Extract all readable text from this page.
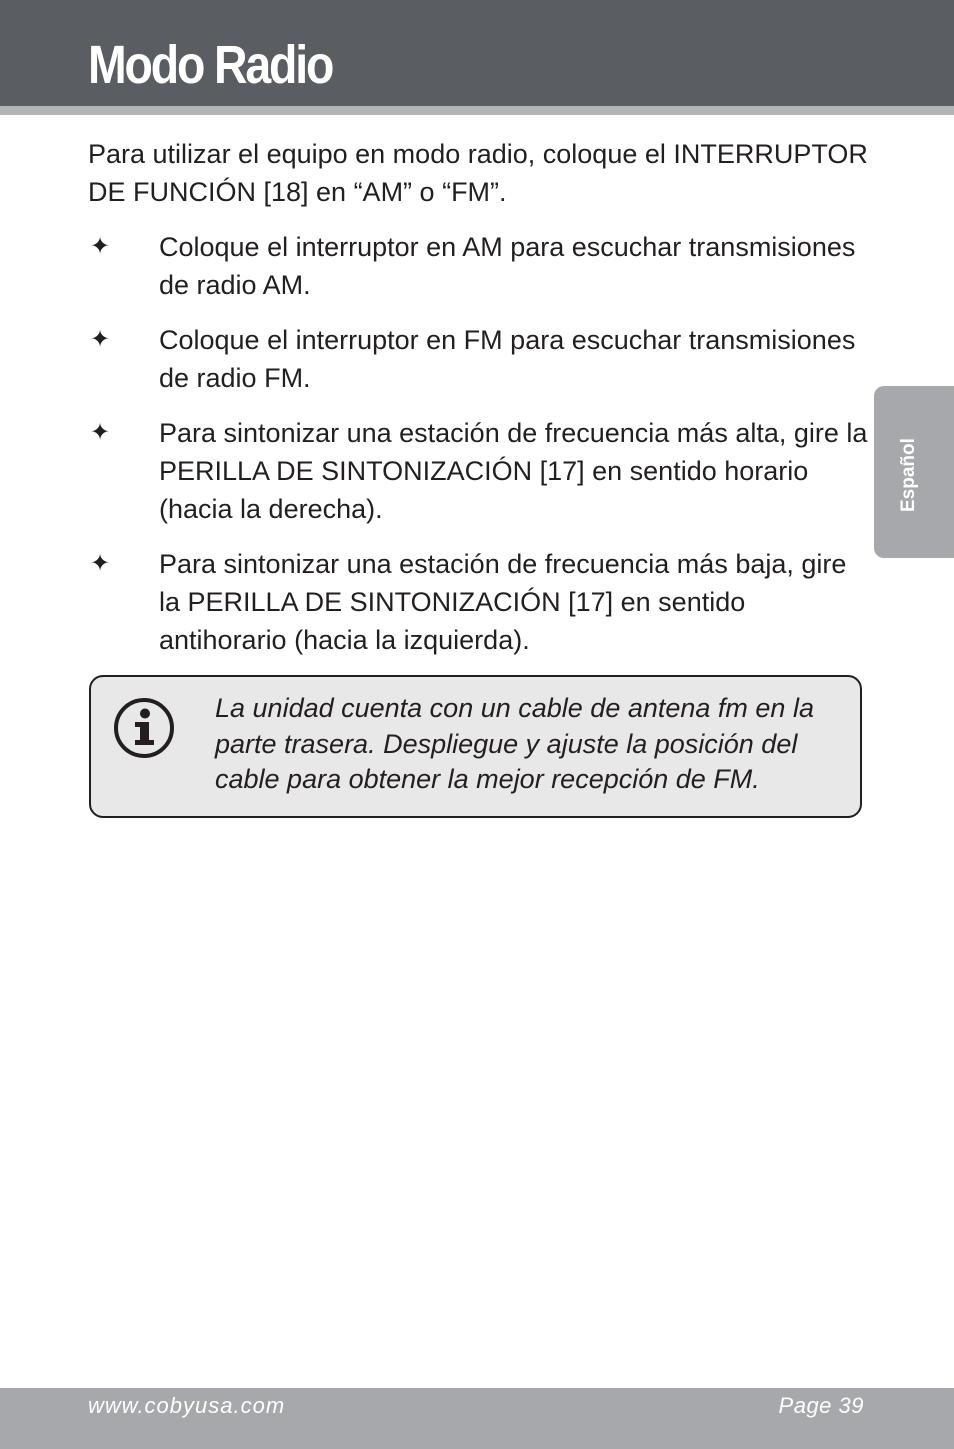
Modo Radio

Para utilizar el equipo en modo radio, coloque el INTERRUPTOR DE FUNCIÓN [18] en “AM” o “FM”.

✦ Coloque el interruptor en AM para escuchar transmisiones de radio AM.
✦ Coloque el interruptor en FM para escuchar transmisiones de radio FM.
✦ Para sintonizar una estación de frecuencia más alta, gire la PERILLA DE SINTONIZACIÓN [17] en sentido horario (hacia la derecha).
✦ Para sintonizar una estación de frecuencia más baja, gire la PERILLA DE SINTONIZACIÓN [17] en sentido antihorario (hacia la izquierda).

La unidad cuenta con un cable de antena fm en la parte trasera. Despliegue y ajuste la posición del cable para obtener la mejor recepción de FM.

Español
www.cobyusa.com	Page 39
